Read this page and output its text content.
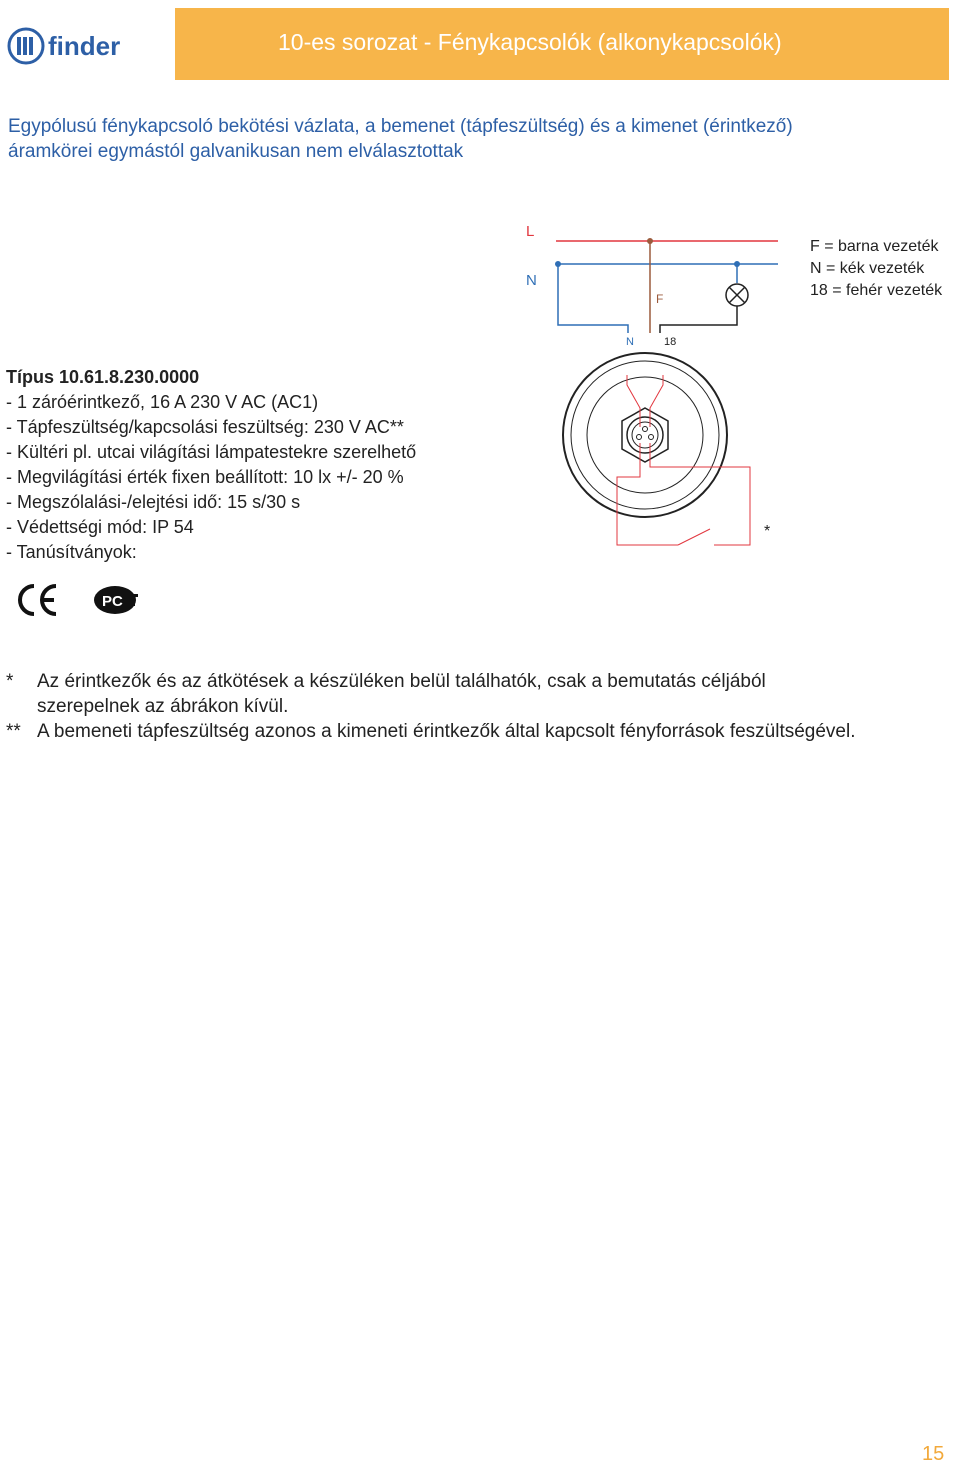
finder	10-es sorozat - Fénykapcsolók (alkonykapcsolók)
Egypólusú fénykapcsoló bekötési vázlata, a bemenet (tápfeszültség) és a kimenet (érintkező)
áramkörei egymástól galvanikusan nem elválasztottak
L
N
F
N	18
*
F = barna vezeték
N = kék vezeték
18 = fehér vezeték
Típus 10.61.8.230.0000
- 1 záróérintkező, 16 A 230 V AC (AC1)
- Tápfeszültség/kapcsolási feszültség: 230 V AC**
- Kültéri pl. utcai világítási lámpatestekre szerelhető
- Megvilágítási érték fixen beállított: 10 lx +/- 20 %
- Megszólalási-/elejtési idő: 15 s/30 s
- Védettségi mód: IP 54
- Tanúsítványok:
PC
*	Az érintkezők és az átkötések a készüléken belül találhatók, csak a bemutatás céljából
szerepelnek az ábrákon kívül.
** A bemeneti tápfeszültség azonos a kimeneti érintkezők által kapcsolt fényforrások feszültségével.
15
